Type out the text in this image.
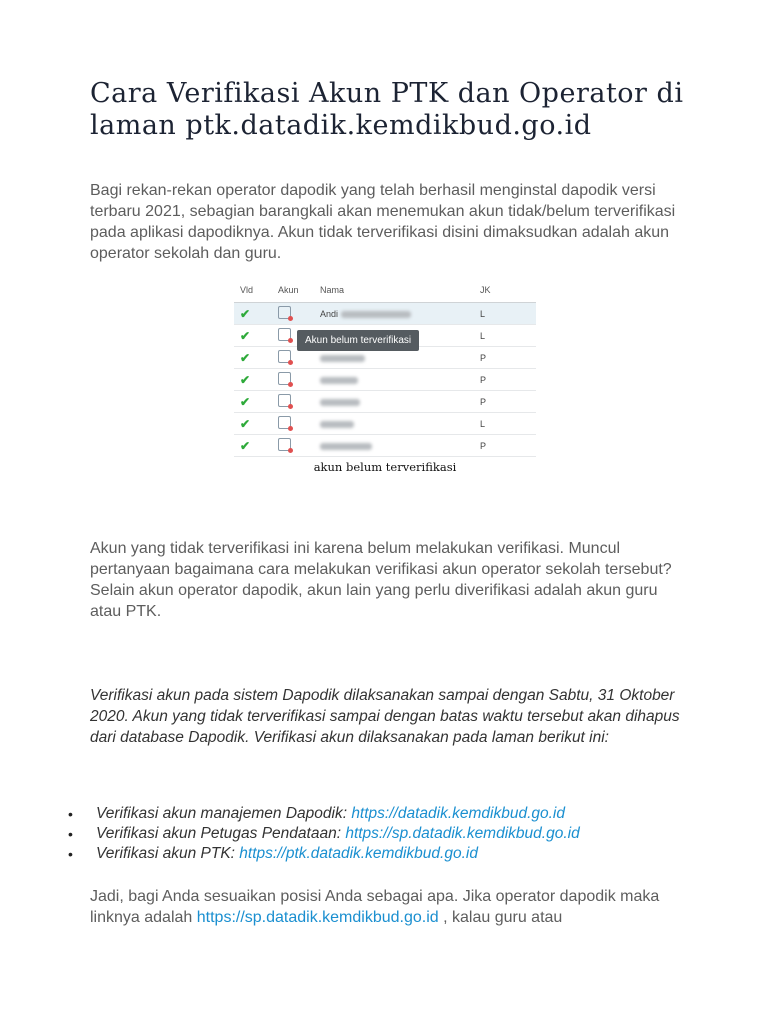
Cara Verifikasi Akun PTK dan Operator di laman ptk.datadik.kemdikbud.go.id

Bagi rekan-rekan operator dapodik yang telah berhasil menginstal dapodik versi terbaru 2021, sebagian barangkali akan menemukan akun tidak/belum terverifikasi pada aplikasi dapodiknya. Akun tidak terverifikasi disini dimaksudkan adalah akun operator sekolah dan guru.

Vld	Akun	Nama	JK
✔		Andi	L
✔			L
✔			P
✔			P
✔			P
✔			L
✔			P
Akun belum terverifikasi
akun belum terverifikasi

Akun yang tidak terverifikasi ini karena belum melakukan verifikasi. Muncul pertanyaan bagaimana cara melakukan verifikasi akun operator sekolah tersebut? Selain akun operator dapodik, akun lain yang perlu diverifikasi adalah akun guru atau PTK.

Verifikasi akun pada sistem Dapodik dilaksanakan sampai dengan Sabtu, 31 Oktober 2020. Akun yang tidak terverifikasi sampai dengan batas waktu tersebut akan dihapus dari database Dapodik. Verifikasi akun dilaksanakan pada laman berikut ini:

• Verifikasi akun manajemen Dapodik: https://datadik.kemdikbud.go.id
• Verifikasi akun Petugas Pendataan: https://sp.datadik.kemdikbud.go.id
• Verifikasi akun PTK: https://ptk.datadik.kemdikbud.go.id

Jadi, bagi Anda sesuaikan posisi Anda sebagai apa. Jika operator dapodik maka linknya adalah https://sp.datadik.kemdikbud.go.id , kalau guru atau
